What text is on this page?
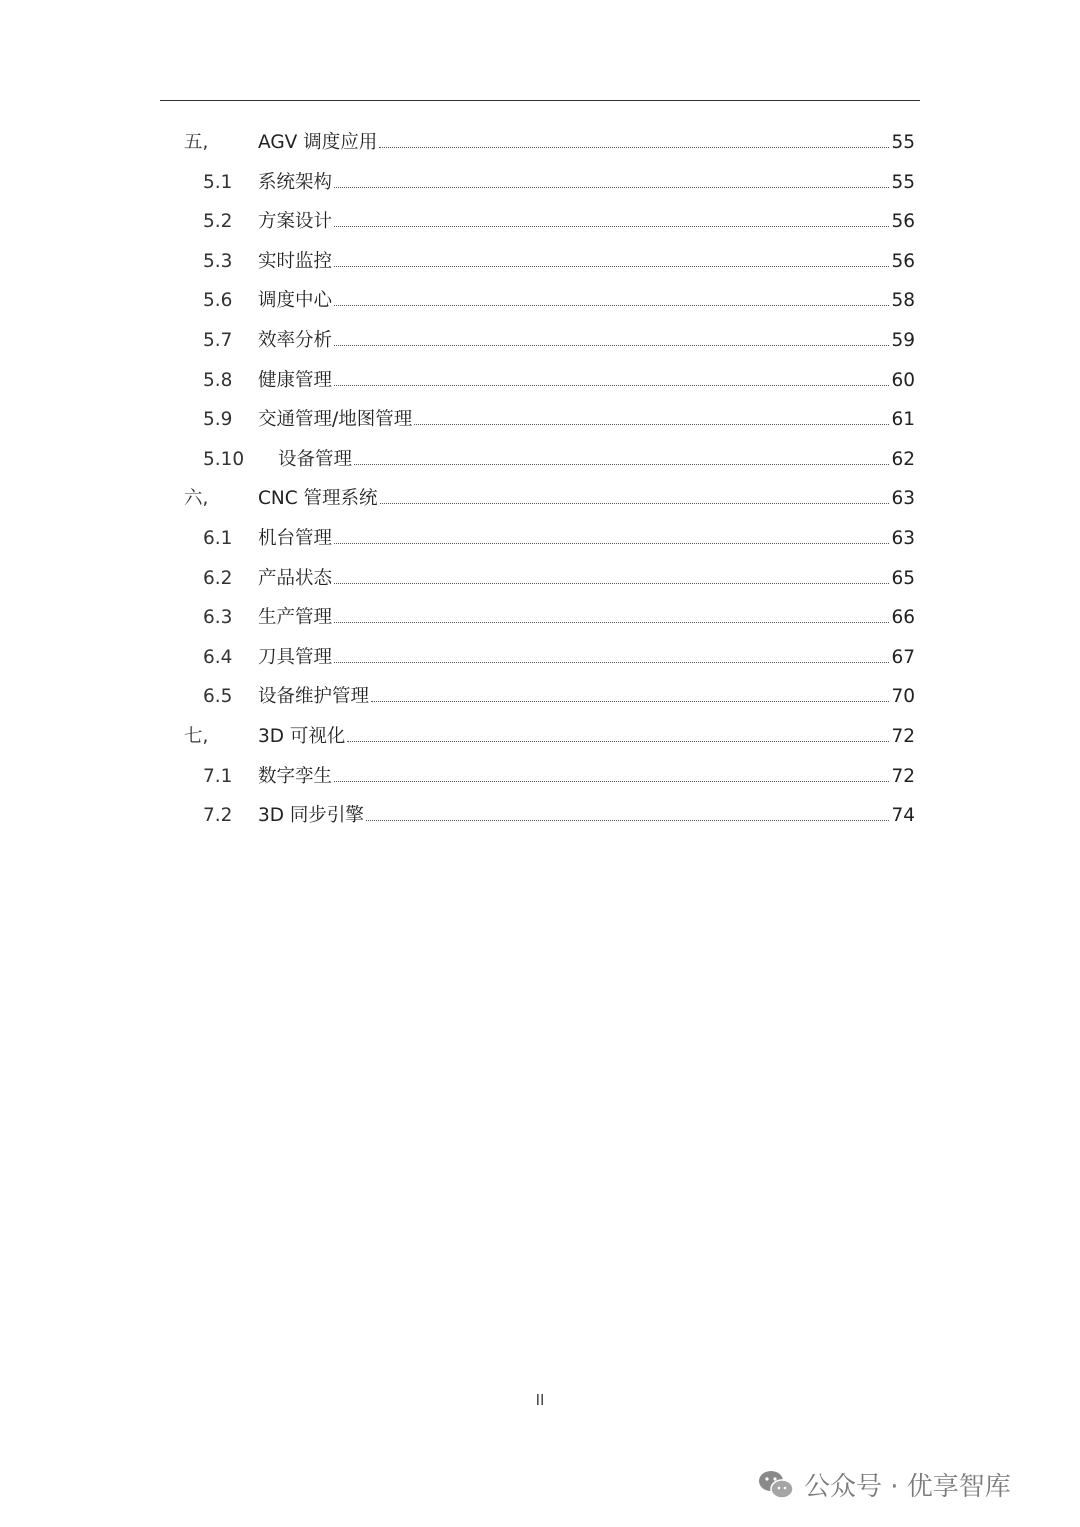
五,	AGV 调度应用	55
5.1 系统架构	55
5.2 方案设计	56
5.3 实时监控	56
5.6 调度中心	58
5.7 效率分析	59
5.8 健康管理	60
5.9 交通管理/地图管理	61
5.10 设备管理	62
六,	CNC 管理系统	63
6.1 机台管理	63
6.2 产品状态	65
6.3 生产管理	66
6.4 刀具管理	67
6.5 设备维护管理	70
七,	3D 可视化	72
7.1 数字孪生	72
7.2 3D 同步引擎	74
II
公众号 · 优享智库
